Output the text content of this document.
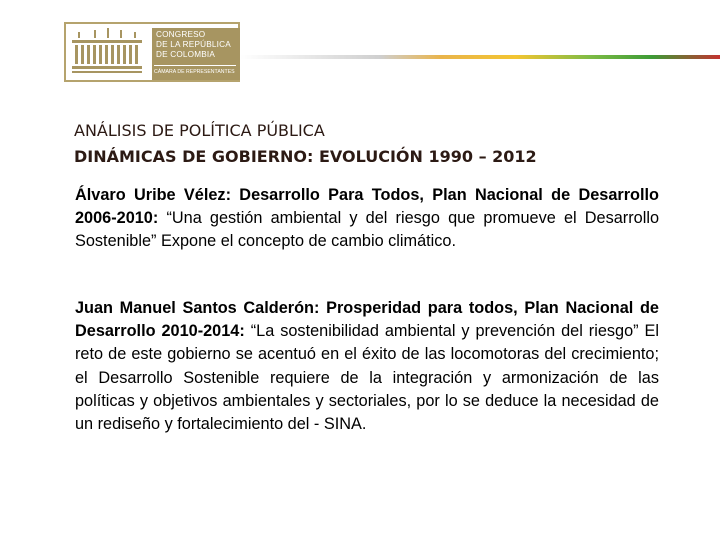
CONGRESO
DE LA REPÚBLICA
DE COLOMBIA
CÁMARA DE REPRESENTANTES
ANÁLISIS DE POLÍTICA PÚBLICA
DINÁMICAS DE GOBIERNO: EVOLUCIÓN 1990 – 2012
Álvaro Uribe Vélez: Desarrollo Para Todos, Plan Nacional de Desarrollo 2006-2010: “Una gestión ambiental y del riesgo que promueve el Desarrollo Sostenible” Expone el concepto de cambio climático.
Juan Manuel Santos Calderón: Prosperidad para todos, Plan Nacional de Desarrollo 2010-2014: “La sostenibilidad ambiental y prevención del riesgo” El reto de este gobierno se acentuó en el éxito de las locomotoras del crecimiento; el Desarrollo Sostenible requiere de la integración y armonización de las políticas y objetivos ambientales y sectoriales, por lo se deduce la necesidad de un rediseño y fortalecimiento del - SINA.
